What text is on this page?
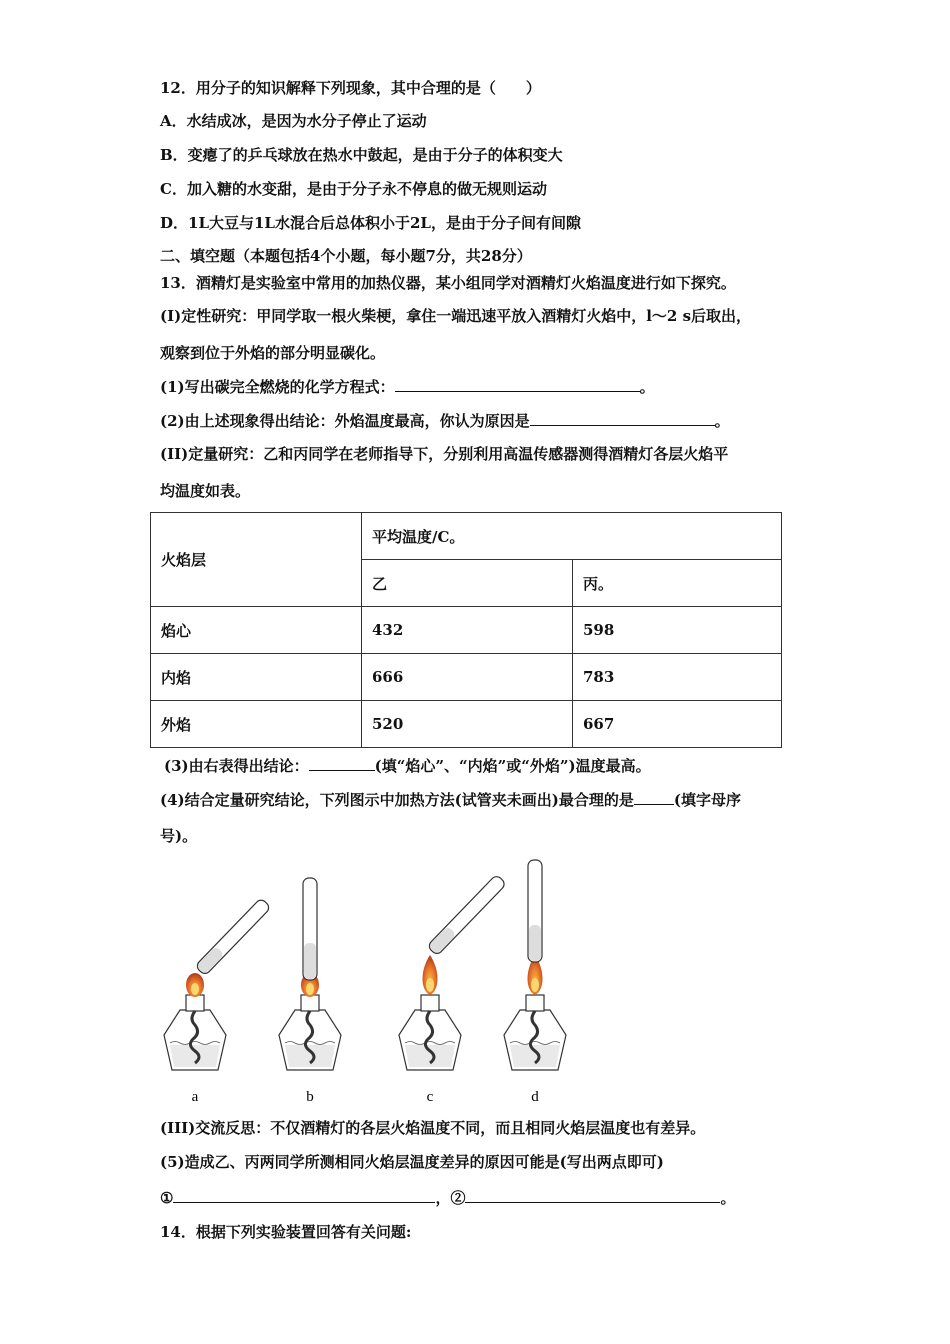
12．用分子的知识解释下列现象，其中合理的是（　　）
A．水结成冰，是因为水分子停止了运动
B．变瘪了的乒乓球放在热水中鼓起，是由于分子的体积变大
C．加入糖的水变甜，是由于分子永不停息的做无规则运动
D．1L大豆与1L水混合后总体积小于2L，是由于分子间有间隙
二、填空题（本题包括4个小题，每小题7分，共28分）
13．酒精灯是实验室中常用的加热仪器，某小组同学对酒精灯火焰温度进行如下探究。
(I)定性研究：甲同学取一根火柴梗，拿住一端迅速平放入酒精灯火焰中，l～2 s后取出，
观察到位于外焰的部分明显碳化。
(1)写出碳完全燃烧的化学方程式：	。
(2)由上述现象得出结论：外焰温度最高，你认为原因是	。
(II)定量研究：乙和丙同学在老师指导下，分别利用高温传感器测得酒精灯各层火焰平
均温度如表。
火焰层	平均温度/C。	
	乙	丙。
焰心	432	598
内焰	666	783
外焰	520	667
(3)由右表得出结论：	(填“焰心”、“内焰”或“外焰”)温度最高。
(4)结合定量研究结论，下列图示中加热方法(试管夹未画出)最合理的是	(填字母序
号)。
a	b	c	d
(III)交流反思：不仅酒精灯的各层火焰温度不同，而且相同火焰层温度也有差异。
(5)造成乙、丙两同学所测相同火焰层温度差异的原因可能是(写出两点即可)
①	，②	。
14．根据下列实验装置回答有关问题:
